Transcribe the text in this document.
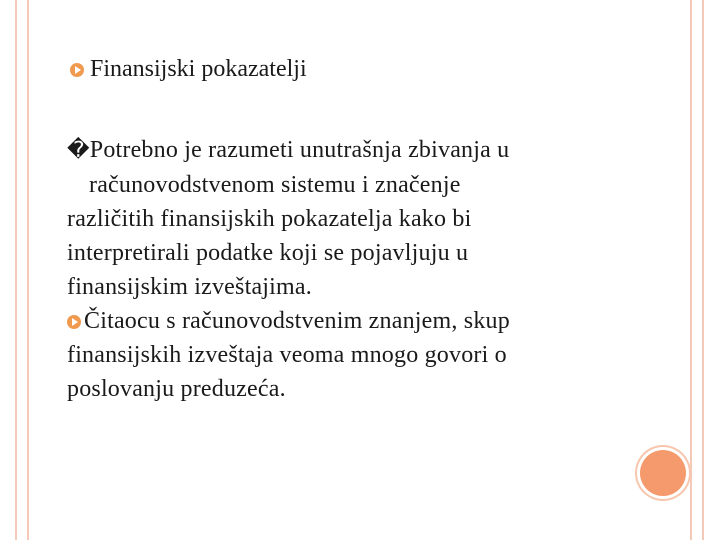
Finansijski pokazatelji
�Potrebno je razumeti unutrašnja zbivanja u
računovodstvenom sistemu i značenje
različitih finansijskih pokazatelja kako bi
interpretirali podatke koji se pojavljuju u
finansijskim izveštajima.
Čitaocu s računovodstvenim znanjem, skup
finansijskih izveštaja veoma mnogo govori o
poslovanju preduzeća.
